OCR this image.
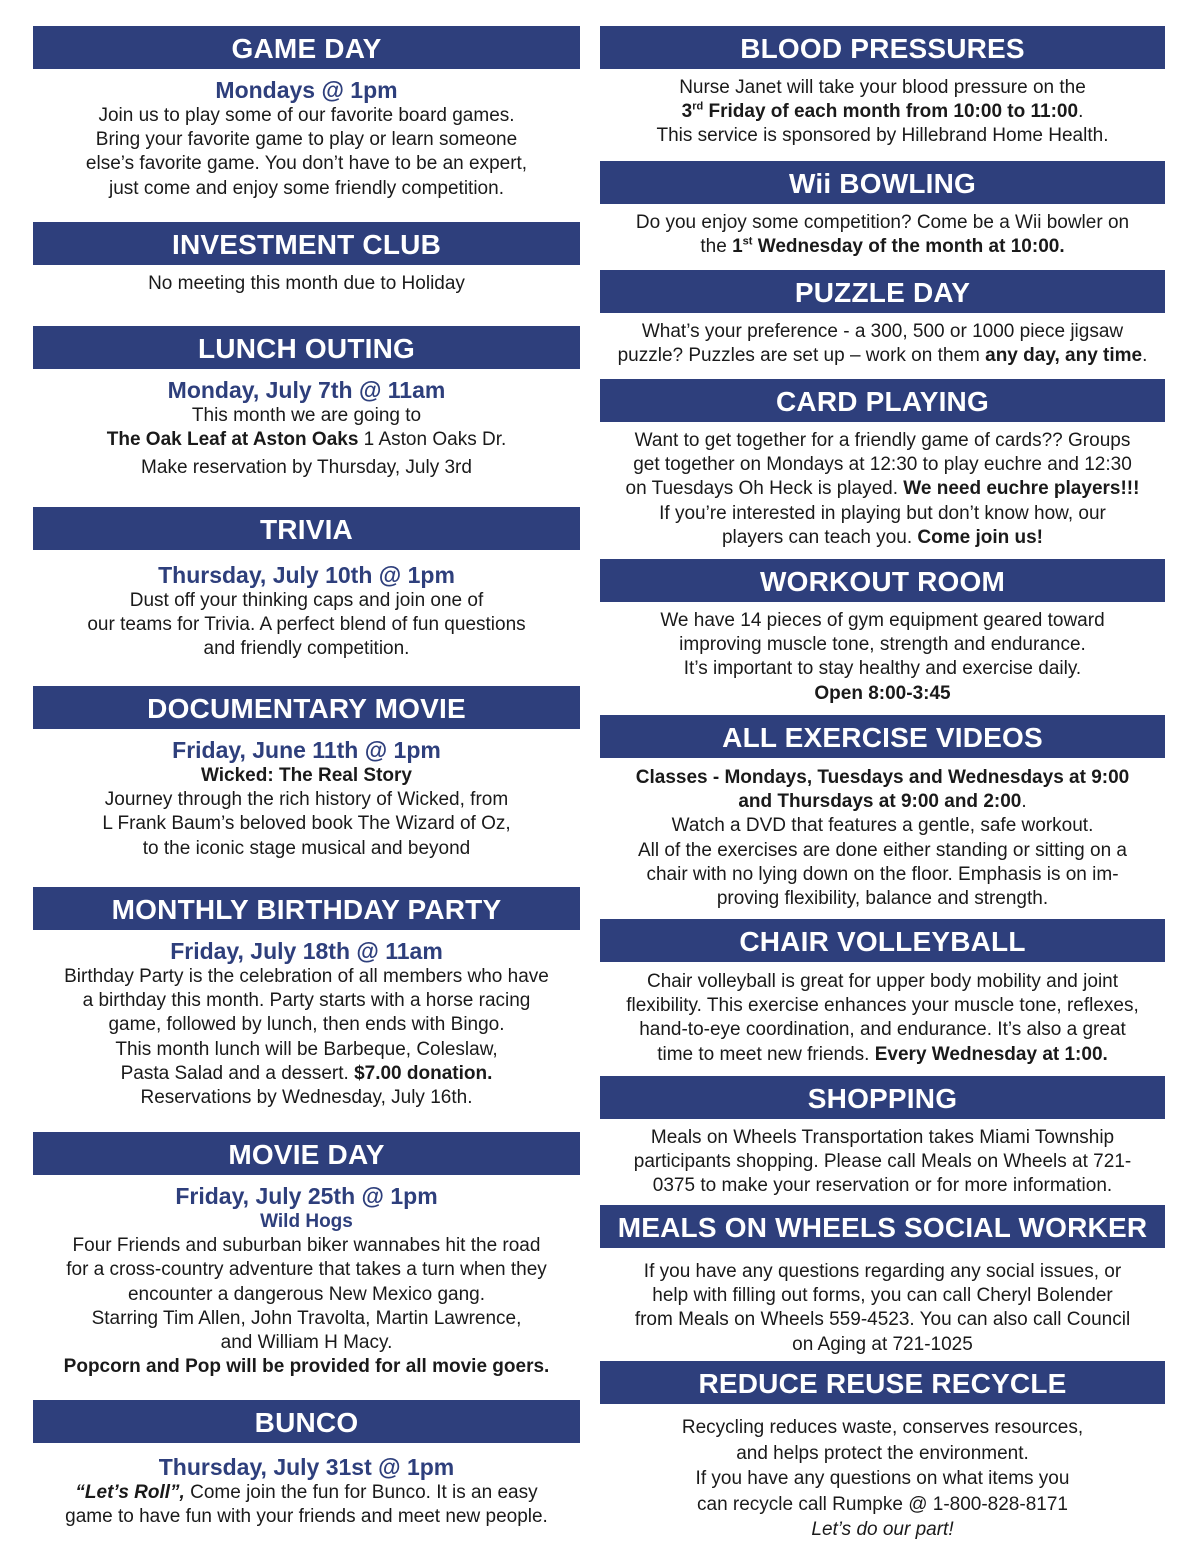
GAME DAY

Mondays @ 1pm

Join us to play some of our favorite board games.

Bring your favorite game to play or learn someone

else’s favorite game. You don’t have to be an expert,

just come and enjoy some friendly competition.

INVESTMENT CLUB

No meeting this month due to Holiday

LUNCH OUTING

Monday, July 7th @ 11am

This month we are going to

The Oak Leaf at Aston Oaks 1 Aston Oaks Dr.

Make reservation by Thursday, July 3rd

TRIVIA

Thursday, July 10th @ 1pm

Dust off your thinking caps and join one of

our teams for Trivia. A perfect blend of fun questions

and friendly competition.

DOCUMENTARY MOVIE

Friday, June 11th @ 1pm

Wicked: The Real Story

Journey through the rich history of Wicked, from

L Frank Baum’s beloved book The Wizard of Oz,

to the iconic stage musical and beyond

MONTHLY BIRTHDAY PARTY

Friday, July 18th @ 11am

Birthday Party is the celebration of all members who have

a birthday this month. Party starts with a horse racing

game, followed by lunch, then ends with Bingo.

This month lunch will be Barbeque, Coleslaw,

Pasta Salad and a dessert. $7.00 donation.

Reservations by Wednesday, July 16th.

MOVIE DAY

Friday, July 25th @ 1pm

Wild Hogs

Four Friends and suburban biker wannabes hit the road

for a cross-country adventure that takes a turn when they

encounter a dangerous New Mexico gang.

Starring Tim Allen, John Travolta, Martin Lawrence,

and William H Macy.

Popcorn and Pop will be provided for all movie goers.

BUNCO

Thursday, July 31st @ 1pm

“Let’s Roll”, Come join the fun for Bunco. It is an easy

game to have fun with your friends and meet new people.

BLOOD PRESSURES

Nurse Janet will take your blood pressure on the

3rd Friday of each month from 10:00 to 11:00.

This service is sponsored by Hillebrand Home Health.

Wii BOWLING

Do you enjoy some competition? Come be a Wii bowler on

the 1st Wednesday of the month at 10:00.

PUZZLE DAY

What’s your preference - a 300, 500 or 1000 piece jigsaw

puzzle? Puzzles are set up – work on them any day, any time.

CARD PLAYING

Want to get together for a friendly game of cards?? Groups

get together on Mondays at 12:30 to play euchre and 12:30

on Tuesdays Oh Heck is played. We need euchre players!!!

If you’re interested in playing but don’t know how, our

players can teach you. Come join us!

WORKOUT ROOM

We have 14 pieces of gym equipment geared toward

improving muscle tone, strength and endurance.

It’s important to stay healthy and exercise daily.

Open 8:00-3:45

ALL EXERCISE VIDEOS

Classes - Mondays, Tuesdays and Wednesdays at 9:00

and Thursdays at 9:00 and 2:00.

Watch a DVD that features a gentle, safe workout.

All of the exercises are done either standing or sitting on a

chair with no lying down on the floor. Emphasis is on im-

proving flexibility, balance and strength.

CHAIR VOLLEYBALL

Chair volleyball is great for upper body mobility and joint

flexibility. This exercise enhances your muscle tone, reflexes,

hand-to-eye coordination, and endurance. It’s also a great

time to meet new friends. Every Wednesday at 1:00.

SHOPPING

Meals on Wheels Transportation takes Miami Township

participants shopping. Please call Meals on Wheels at 721-

0375 to make your reservation or for more information.

MEALS ON WHEELS SOCIAL WORKER

If you have any questions regarding any social issues, or

help with filling out forms, you can call Cheryl Bolender

from Meals on Wheels 559-4523. You can also call Council

on Aging at 721-1025

REDUCE REUSE RECYCLE

Recycling reduces waste, conserves resources,

and helps protect the environment.

If you have any questions on what items you

can recycle call Rumpke @ 1-800-828-8171

Let’s do our part!
